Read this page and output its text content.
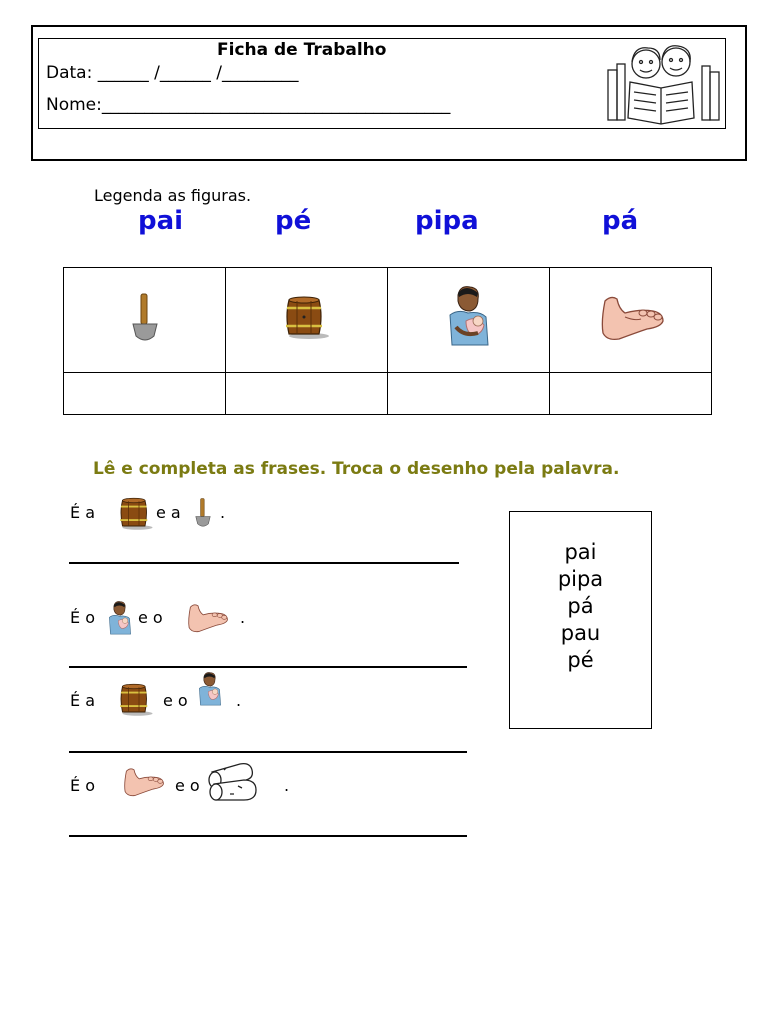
Ficha de Trabalho
Data: ______ /______ /_________
Nome:_________________________________________
Legenda as figuras.
pai	pé	pipa	pá

Lê e completa as frases. Troca o desenho pela palavra.

É a

	e a

.

É o

	e o

	.

É a

	e o

	.

É o

	e o

	.

pai
pipa
pá
pau
pé
